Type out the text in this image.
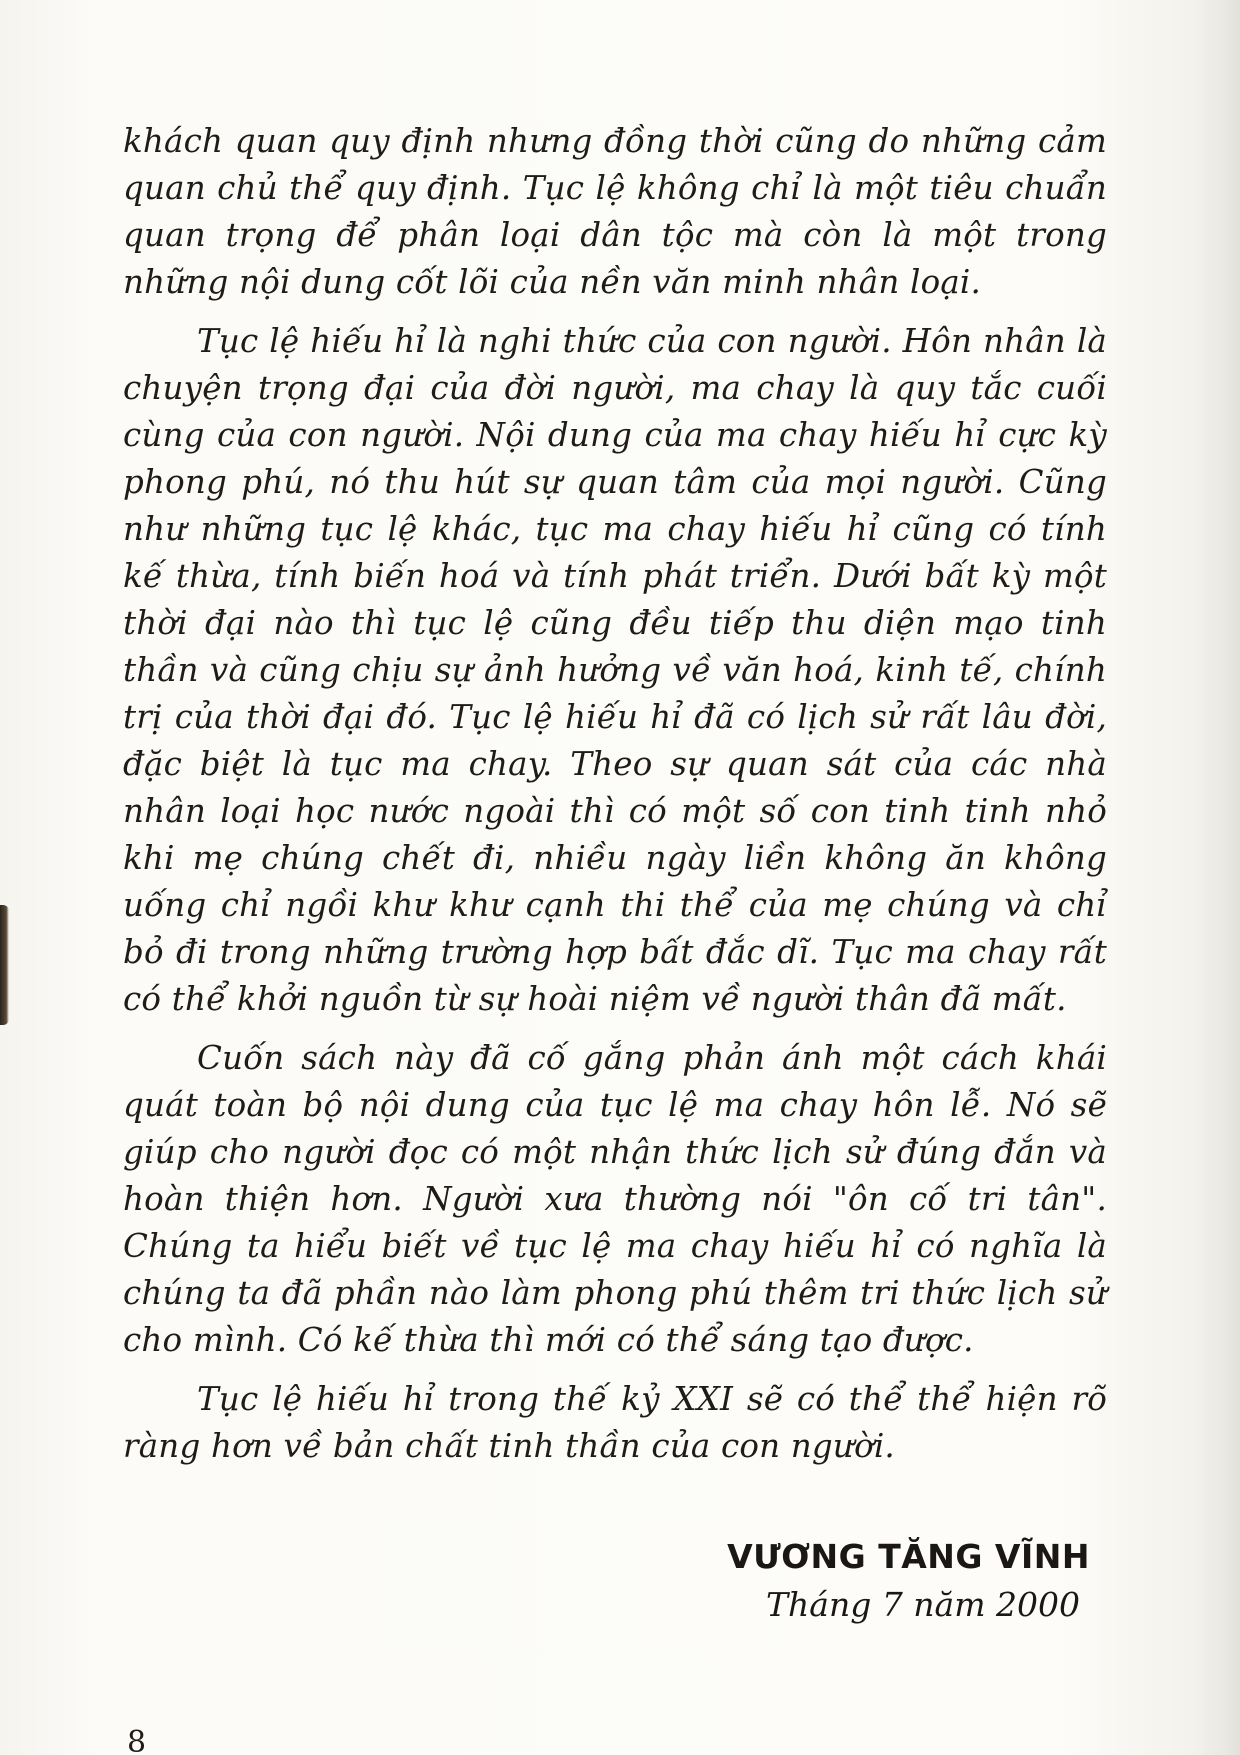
khách quan quy định nhưng đồng thời cũng do những cảm quan chủ thể quy định. Tục lệ không chỉ là một tiêu chuẩn quan trọng để phân loại dân tộc mà còn là một trong những nội dung cốt lõi của nền văn minh nhân loại.

Tục lệ hiếu hỉ là nghi thức của con người. Hôn nhân là chuyện trọng đại của đời người, ma chay là quy tắc cuối cùng của con người. Nội dung của ma chay hiếu hỉ cực kỳ phong phú, nó thu hút sự quan tâm của mọi người. Cũng như những tục lệ khác, tục ma chay hiếu hỉ cũng có tính kế thừa, tính biến hoá và tính phát triển. Dưới bất kỳ một thời đại nào thì tục lệ cũng đều tiếp thu diện mạo tinh thần và cũng chịu sự ảnh hưởng về văn hoá, kinh tế, chính trị của thời đại đó. Tục lệ hiếu hỉ đã có lịch sử rất lâu đời, đặc biệt là tục ma chay. Theo sự quan sát của các nhà nhân loại học nước ngoài thì có một số con tinh tinh nhỏ khi mẹ chúng chết đi, nhiều ngày liền không ăn không uống chỉ ngồi khư khư cạnh thi thể của mẹ chúng và chỉ bỏ đi trong những trường hợp bất đắc dĩ. Tục ma chay rất có thể khởi nguồn từ sự hoài niệm về người thân đã mất.

Cuốn sách này đã cố gắng phản ánh một cách khái quát toàn bộ nội dung của tục lệ ma chay hôn lễ. Nó sẽ giúp cho người đọc có một nhận thức lịch sử đúng đắn và hoàn thiện hơn. Người xưa thường nói "ôn cố tri tân". Chúng ta hiểu biết về tục lệ ma chay hiếu hỉ có nghĩa là chúng ta đã phần nào làm phong phú thêm tri thức lịch sử cho mình. Có kế thừa thì mới có thể sáng tạo được.

Tục lệ hiếu hỉ trong thế kỷ XXI sẽ có thể thể hiện rõ ràng hơn về bản chất tinh thần của con người.

VƯƠNG TĂNG VĨNH
Tháng 7 năm 2000
8
